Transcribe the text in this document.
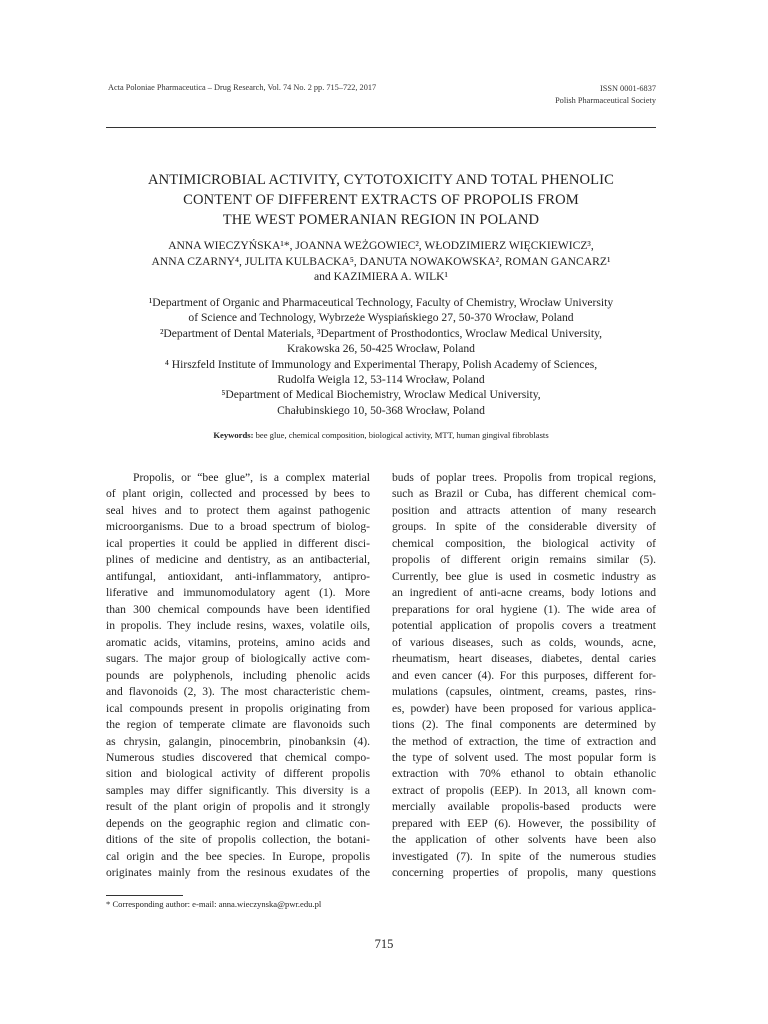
Acta Poloniae Pharmaceutica – Drug Research, Vol. 74 No. 2 pp. 715–722, 2017	ISSN 0001-6837
Polish Pharmaceutical Society
ANTIMICROBIAL ACTIVITY, CYTOTOXICITY AND TOTAL PHENOLIC
CONTENT OF DIFFERENT EXTRACTS OF PROPOLIS FROM
THE WEST POMERANIAN REGION IN POLAND
ANNA WIECZYŃSKA¹*, JOANNA WEŻGOWIEC², WŁODZIMIERZ WIĘCKIEWICZ³,
ANNA CZARNY⁴, JULITA KULBACKA⁵, DANUTA NOWAKOWSKA², ROMAN GANCARZ¹
and KAZIMIERA A. WILK¹
¹Department of Organic and Pharmaceutical Technology, Faculty of Chemistry, Wrocław University
of Science and Technology, Wybrzeże Wyspiańskiego 27, 50-370 Wrocław, Poland
²Department of Dental Materials, ³Department of Prosthodontics, Wroclaw Medical University,
Krakowska 26, 50-425 Wrocław, Poland
⁴ Hirszfeld Institute of Immunology and Experimental Therapy, Polish Academy of Sciences,
Rudolfa Weigla 12, 53-114 Wrocław, Poland
⁵Department of Medical Biochemistry, Wroclaw Medical University,
Chałubinskiego 10, 50-368 Wrocław, Poland
Keywords: bee glue, chemical composition, biological activity, MTT, human gingival fibroblasts
Propolis, or “bee glue”, is a complex material
of plant origin, collected and processed by bees to
seal hives and to protect them against pathogenic
microorganisms. Due to a broad spectrum of biolog-
ical properties it could be applied in different disci-
plines of medicine and dentistry, as an antibacterial,
antifungal, antioxidant, anti-inflammatory, antipro-
liferative and immunomodulatory agent (1). More
than 300 chemical compounds have been identified
in propolis. They include resins, waxes, volatile oils,
aromatic acids, vitamins, proteins, amino acids and
sugars. The major group of biologically active com-
pounds are polyphenols, including phenolic acids
and flavonoids (2, 3). The most characteristic chem-
ical compounds present in propolis originating from
the region of temperate climate are flavonoids such
as chrysin, galangin, pinocembrin, pinobanksin (4).
Numerous studies discovered that chemical compo-
sition and biological activity of different propolis
samples may differ significantly. This diversity is a
result of the plant origin of propolis and it strongly
depends on the geographic region and climatic con-
ditions of the site of propolis collection, the botani-
cal origin and the bee species. In Europe, propolis
originates mainly from the resinous exudates of the
buds of poplar trees. Propolis from tropical regions,
such as Brazil or Cuba, has different chemical com-
position and attracts attention of many research
groups. In spite of the considerable diversity of
chemical composition, the biological activity of
propolis of different origin remains similar (5).
Currently, bee glue is used in cosmetic industry as
an ingredient of anti-acne creams, body lotions and
preparations for oral hygiene (1). The wide area of
potential application of propolis covers a treatment
of various diseases, such as colds, wounds, acne,
rheumatism, heart diseases, diabetes, dental caries
and even cancer (4). For this purposes, different for-
mulations (capsules, ointment, creams, pastes, rins-
es, powder) have been proposed for various applica-
tions (2). The final components are determined by
the method of extraction, the time of extraction and
the type of solvent used. The most popular form is
extraction with 70% ethanol to obtain ethanolic
extract of propolis (EEP). In 2013, all known com-
mercially available propolis-based products were
prepared with EEP (6). However, the possibility of
the application of other solvents have been also
investigated (7). In spite of the numerous studies
concerning properties of propolis, many questions
* Corresponding author: e-mail: anna.wieczynska@pwr.edu.pl
715
